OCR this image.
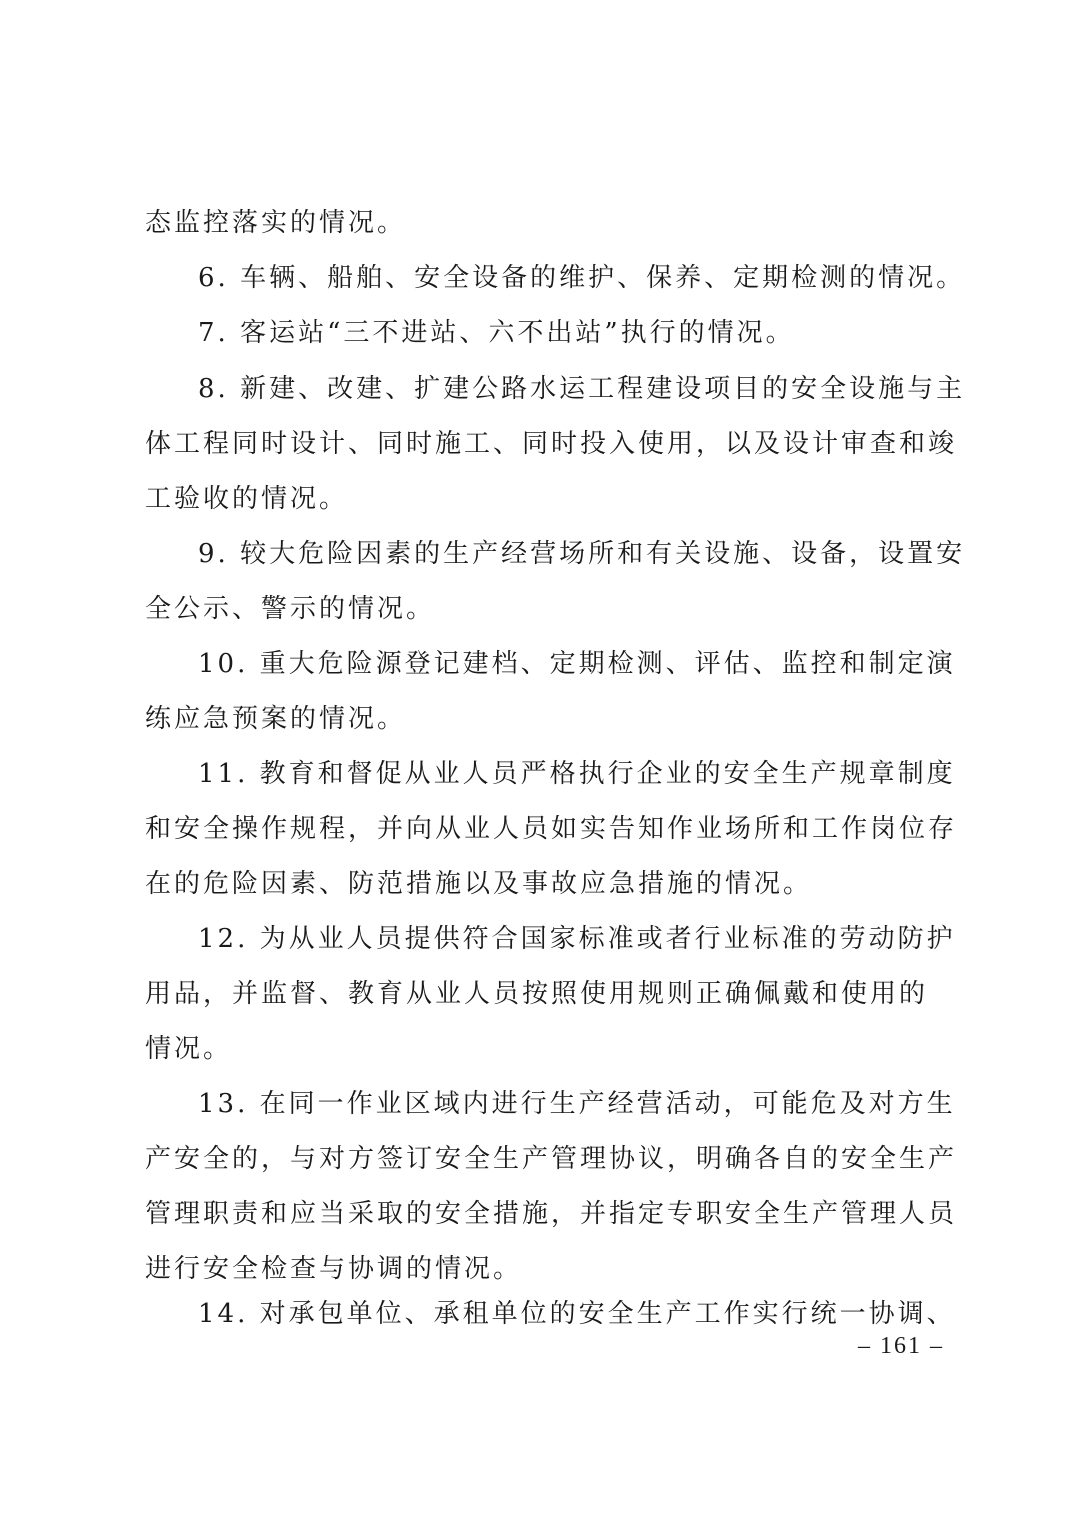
态监控落实的情况。
6. 车辆、船舶、安全设备的维护、保养、定期检测的情况。
7. 客运站“三不进站、六不出站”执行的情况。
8. 新建、改建、扩建公路水运工程建设项目的安全设施与主
体工程同时设计、同时施工、同时投入使用，以及设计审查和竣
工验收的情况。
9. 较大危险因素的生产经营场所和有关设施、设备，设置安
全公示、警示的情况。
10. 重大危险源登记建档、定期检测、评估、监控和制定演
练应急预案的情况。
11. 教育和督促从业人员严格执行企业的安全生产规章制度
和安全操作规程，并向从业人员如实告知作业场所和工作岗位存
在的危险因素、防范措施以及事故应急措施的情况。
12. 为从业人员提供符合国家标准或者行业标准的劳动防护
用品，并监督、教育从业人员按照使用规则正确佩戴和使用的
情况。
13. 在同一作业区域内进行生产经营活动，可能危及对方生
产安全的，与对方签订安全生产管理协议，明确各自的安全生产
管理职责和应当采取的安全措施，并指定专职安全生产管理人员
进行安全检查与协调的情况。
14. 对承包单位、承租单位的安全生产工作实行统一协调、
– 161 –
